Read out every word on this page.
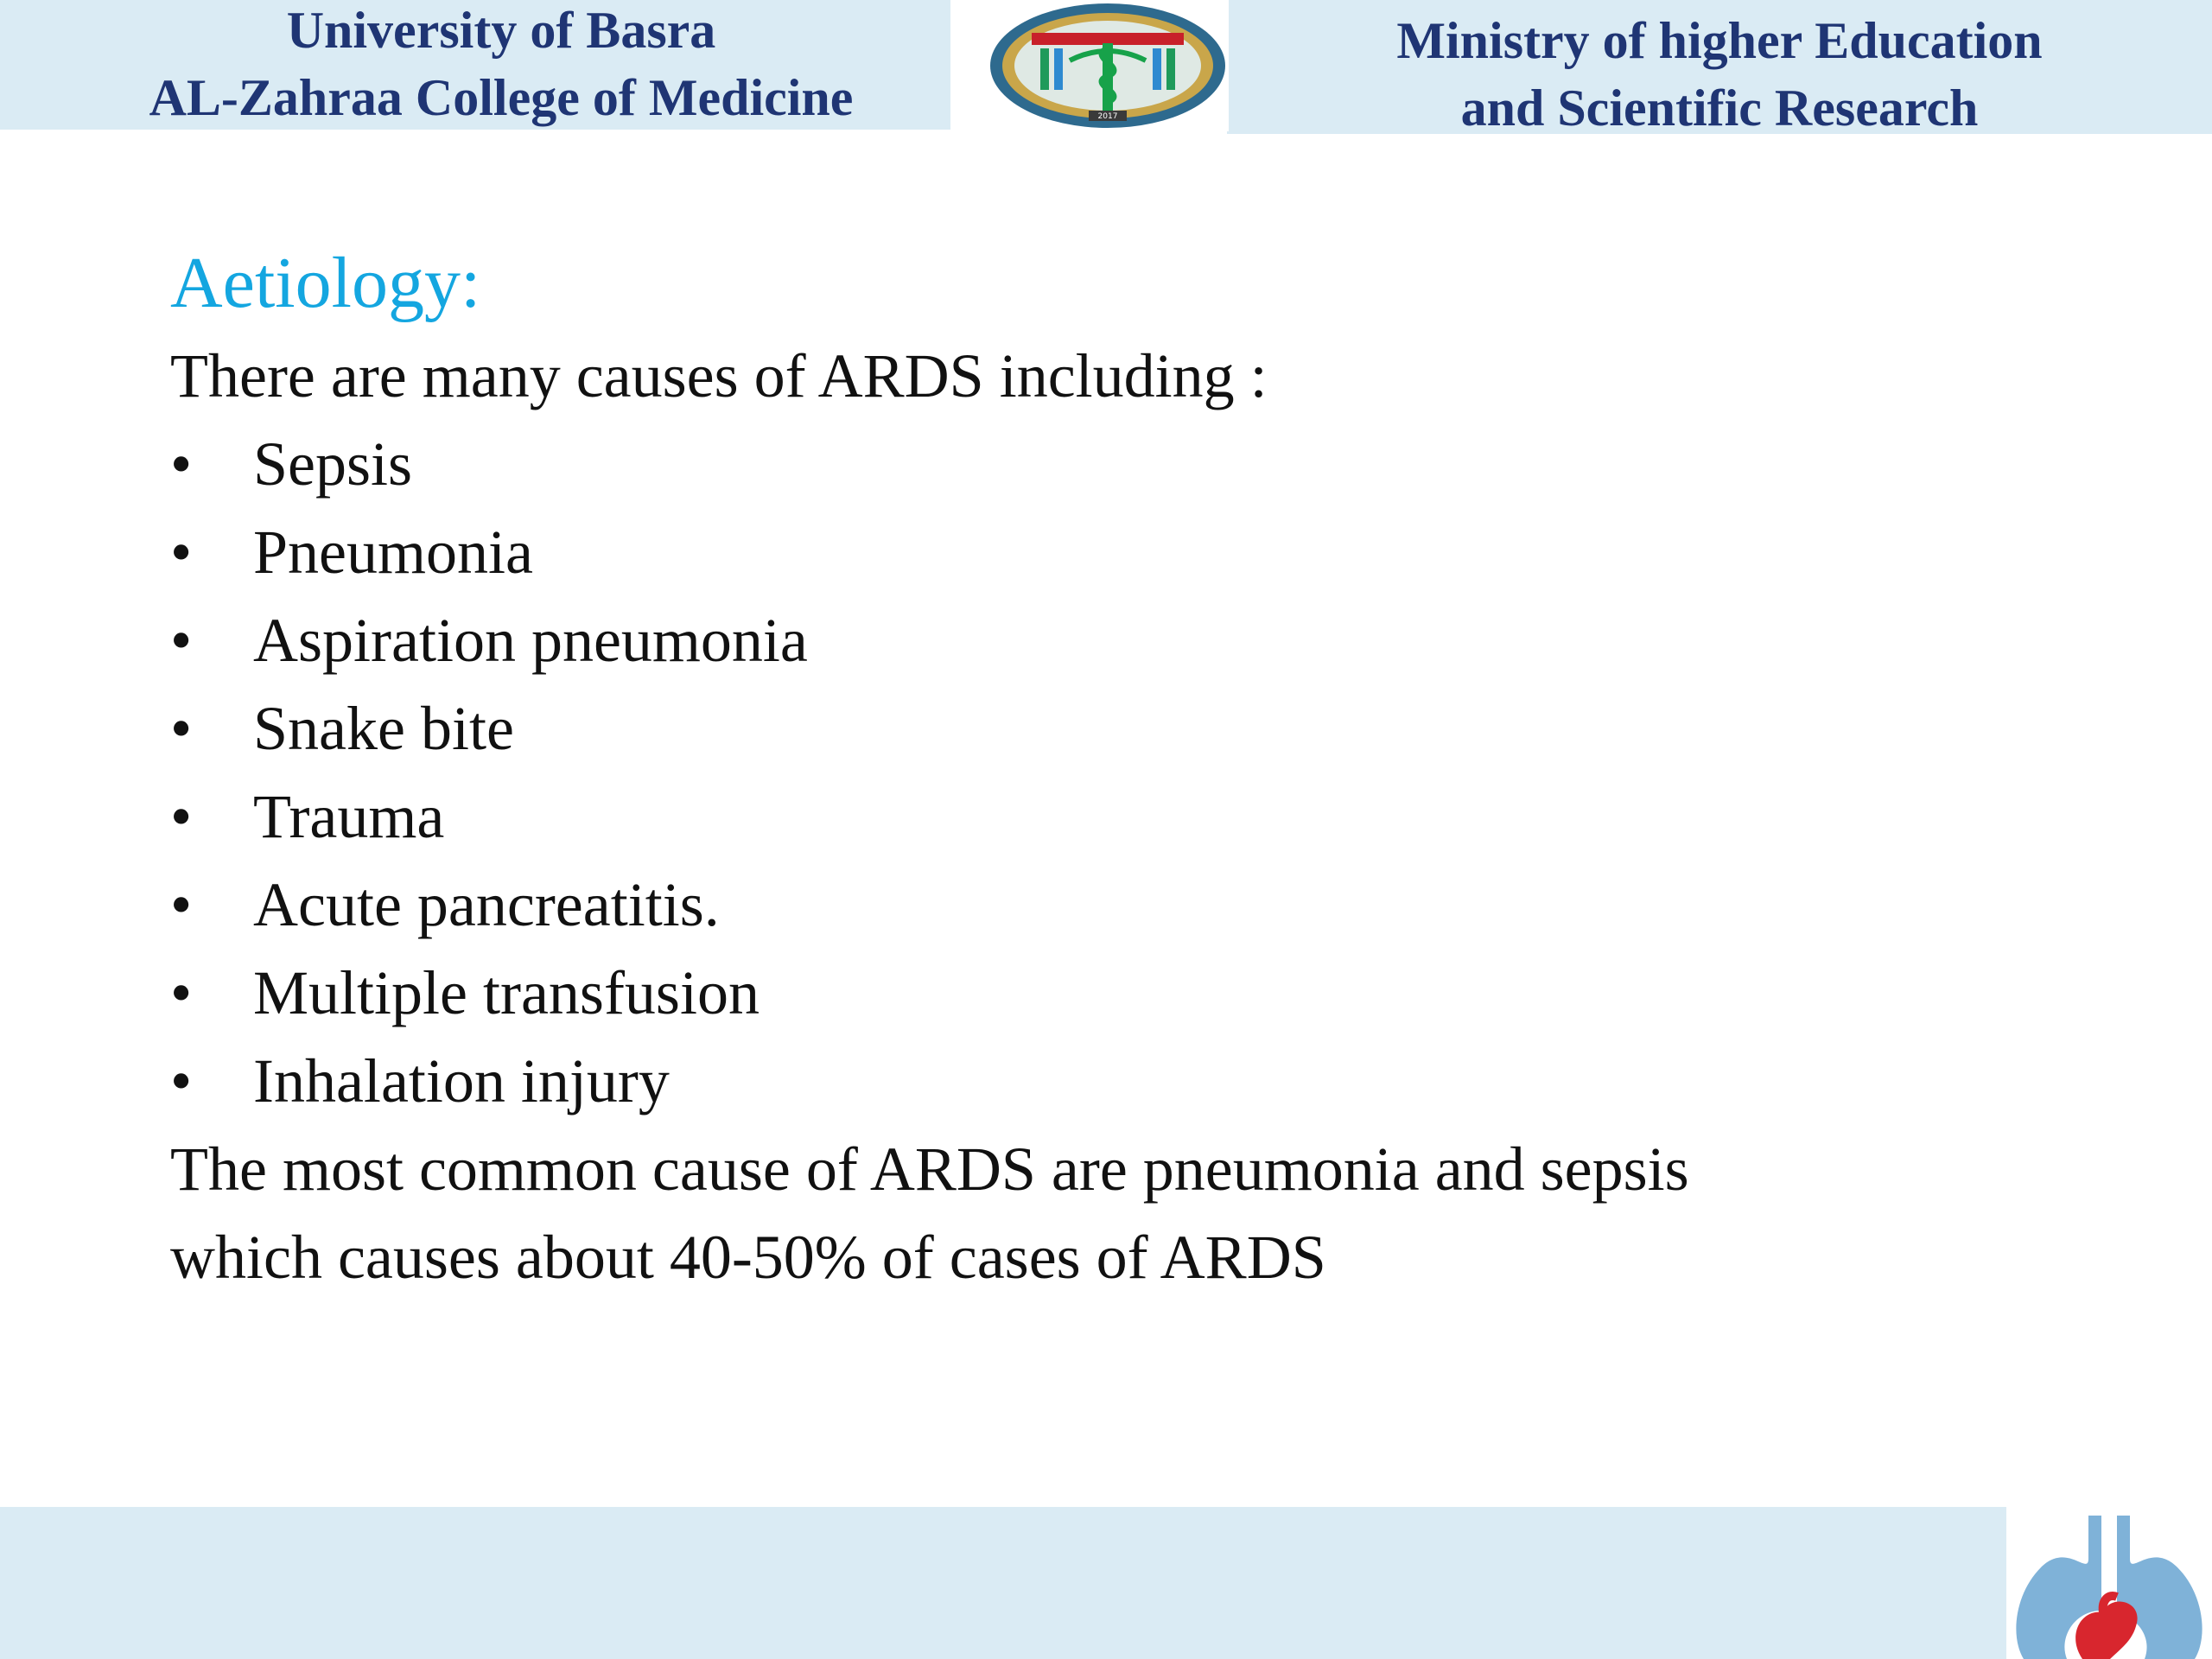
University of Basra
AL-Zahraa College of Medicine
Ministry of higher Education
and Scientific Research
2017
Aetiology:
There are many causes of ARDS including :
• Sepsis
• Pneumonia
• Aspiration pneumonia
• Snake bite
• Trauma
• Acute pancreatitis.
• Multiple transfusion
• Inhalation injury
The most common cause of ARDS are pneumonia and sepsis
which causes about 40-50% of cases of ARDS
